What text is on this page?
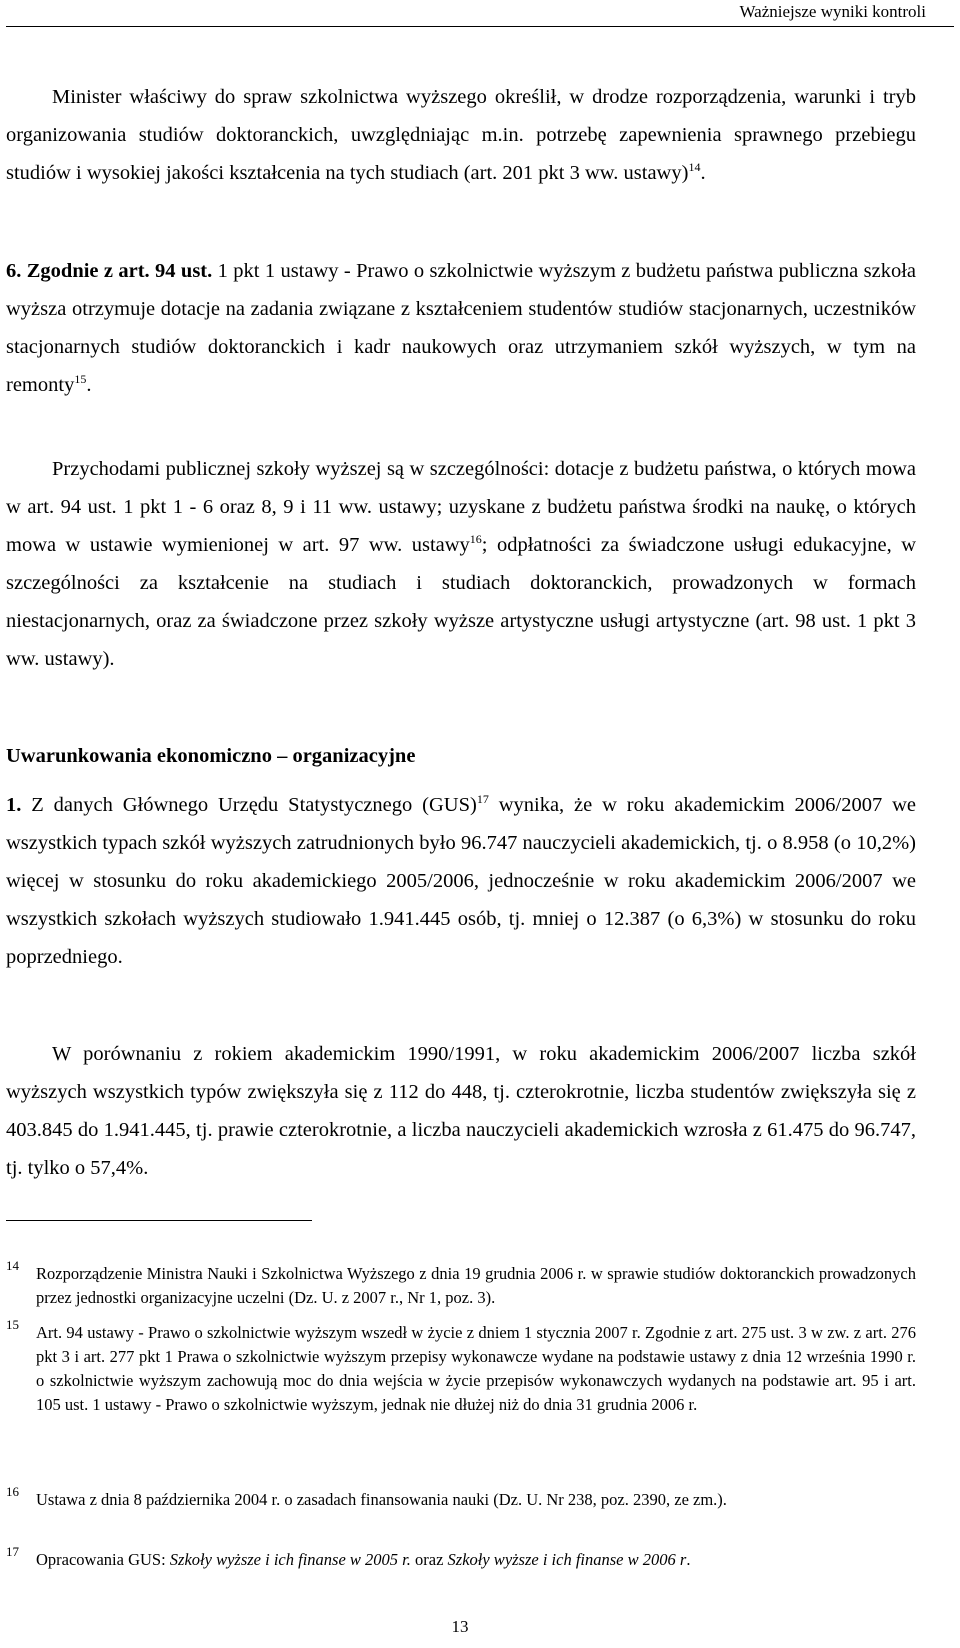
Ważniejsze wyniki kontroli

Minister właściwy do spraw szkolnictwa wyższego określił, w drodze rozporządzenia, warunki i tryb organizowania studiów doktoranckich, uwzględniając m.in. potrzebę zapewnienia sprawnego przebiegu studiów i wysokiej jakości kształcenia na tych studiach (art. 201 pkt 3 ww. ustawy)$^{14}$.

6. Zgodnie z art. 94 ust. 1 pkt 1 ustawy - Prawo o szkolnictwie wyższym z budżetu państwa publiczna szkoła wyższa otrzymuje dotacje na zadania związane z kształceniem studentów studiów stacjonarnych, uczestników stacjonarnych studiów doktoranckich i kadr naukowych oraz utrzymaniem szkół wyższych, w tym na remonty$^{15}$.

Przychodami publicznej szkoły wyższej są w szczególności: dotacje z budżetu państwa, o których mowa w art. 94 ust. 1 pkt 1 - 6 oraz 8, 9 i 11 ww. ustawy; uzyskane z budżetu państwa środki na naukę, o których mowa w ustawie wymienionej w art. 97 ww. ustawy$^{16}$; odpłatności za świadczone usługi edukacyjne, w szczególności za kształcenie na studiach i studiach doktoranckich, prowadzonych w formach niestacjonarnych, oraz za świadczone przez szkoły wyższe artystyczne usługi artystyczne (art. 98 ust. 1 pkt 3 ww. ustawy).

Uwarunkowania ekonomiczno – organizacyjne

1. Z danych Głównego Urzędu Statystycznego (GUS)$^{17}$ wynika, że w roku akademickim 2006/2007 we wszystkich typach szkół wyższych zatrudnionych było 96.747 nauczycieli akademickich, tj. o 8.958 (o 10,2%) więcej w stosunku do roku akademickiego 2005/2006, jednocześnie w roku akademickim 2006/2007 we wszystkich szkołach wyższych studiowało 1.941.445 osób, tj. mniej o 12.387 (o 6,3%) w stosunku do roku poprzedniego.

W porównaniu z rokiem akademickim 1990/1991, w roku akademickim 2006/2007 liczba szkół wyższych wszystkich typów zwiększyła się z 112 do 448, tj. czterokrotnie, liczba studentów zwiększyła się z 403.845 do 1.941.445, tj. prawie czterokrotnie, a liczba nauczycieli akademickich wzrosła z 61.475 do 96.747, tj. tylko o 57,4%.

14 Rozporządzenie Ministra Nauki i Szkolnictwa Wyższego z dnia 19 grudnia 2006 r. w sprawie studiów doktoranckich prowadzonych przez jednostki organizacyjne uczelni (Dz. U. z 2007 r., Nr 1, poz. 3).
15 Art. 94 ustawy - Prawo o szkolnictwie wyższym wszedł w życie z dniem 1 stycznia 2007 r. Zgodnie z art. 275 ust. 3 w zw. z art. 276 pkt 3 i art. 277 pkt 1 Prawa o szkolnictwie wyższym przepisy wykonawcze wydane na podstawie ustawy z dnia 12 września 1990 r. o szkolnictwie wyższym zachowują moc do dnia wejścia w życie przepisów wykonawczych wydanych na podstawie art. 95 i art. 105 ust. 1 ustawy - Prawo o szkolnictwie wyższym, jednak nie dłużej niż do dnia 31 grudnia 2006 r.
16 Ustawa z dnia 8 października 2004 r. o zasadach finansowania nauki (Dz. U. Nr 238, poz. 2390, ze zm.).
17 Opracowania GUS: Szkoły wyższe i ich finanse w 2005 r. oraz Szkoły wyższe i ich finanse w 2006 r.
13
